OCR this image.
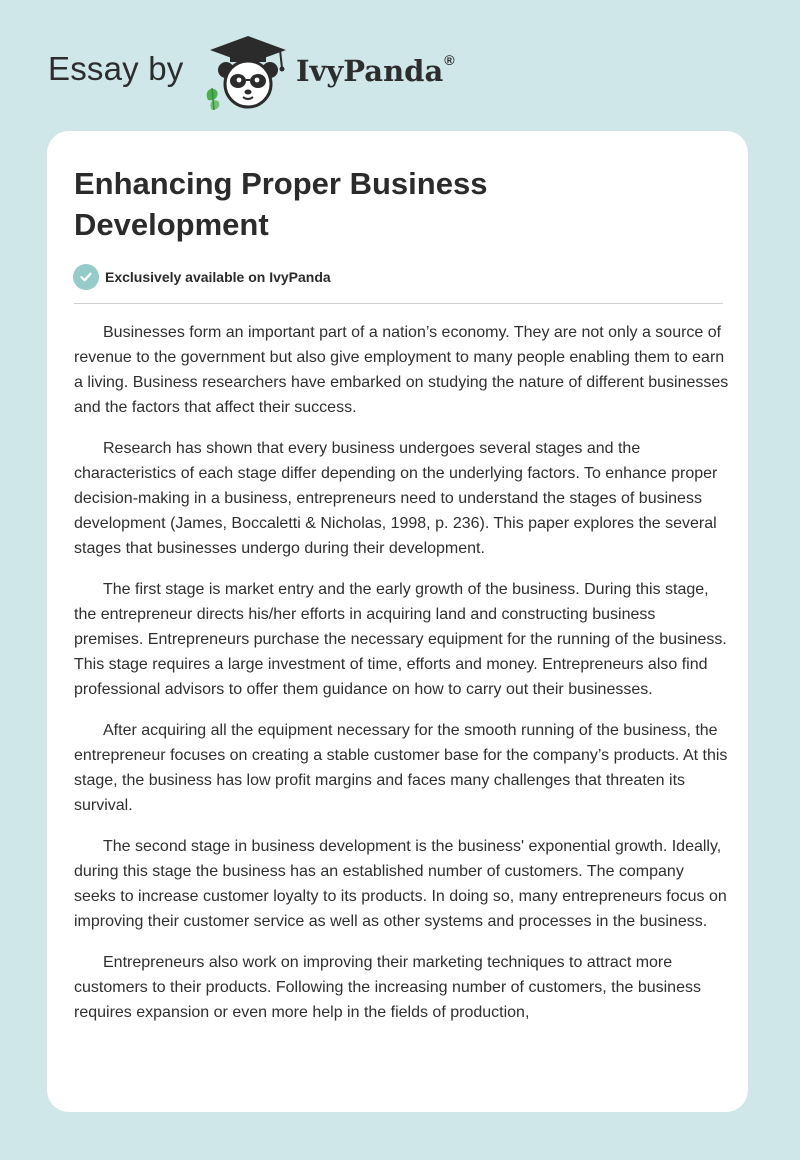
Essay by	IvyPanda®
Enhancing Proper Business Development
Exclusively available on IvyPanda

Businesses form an important part of a nation’s economy. They are not only a source of revenue to the government but also give employment to many people enabling them to earn a living. Business researchers have embarked on studying the nature of different businesses and the factors that affect their success.

Research has shown that every business undergoes several stages and the characteristics of each stage differ depending on the underlying factors. To enhance proper decision-making in a business, entrepreneurs need to understand the stages of business development (James, Boccaletti & Nicholas, 1998, p. 236). This paper explores the several stages that businesses undergo during their development.

The first stage is market entry and the early growth of the business. During this stage, the entrepreneur directs his/her efforts in acquiring land and constructing business premises. Entrepreneurs purchase the necessary equipment for the running of the business. This stage requires a large investment of time, efforts and money. Entrepreneurs also find professional advisors to offer them guidance on how to carry out their businesses.

After acquiring all the equipment necessary for the smooth running of the business, the entrepreneur focuses on creating a stable customer base for the company’s products. At this stage, the business has low profit margins and faces many challenges that threaten its survival.

The second stage in business development is the business' exponential growth. Ideally, during this stage the business has an established number of customers. The company seeks to increase customer loyalty to its products. In doing so, many entrepreneurs focus on improving their customer service as well as other systems and processes in the business.

Entrepreneurs also work on improving their marketing techniques to attract more customers to their products. Following the increasing number of customers, the business requires expansion or even more help in the fields of production,
